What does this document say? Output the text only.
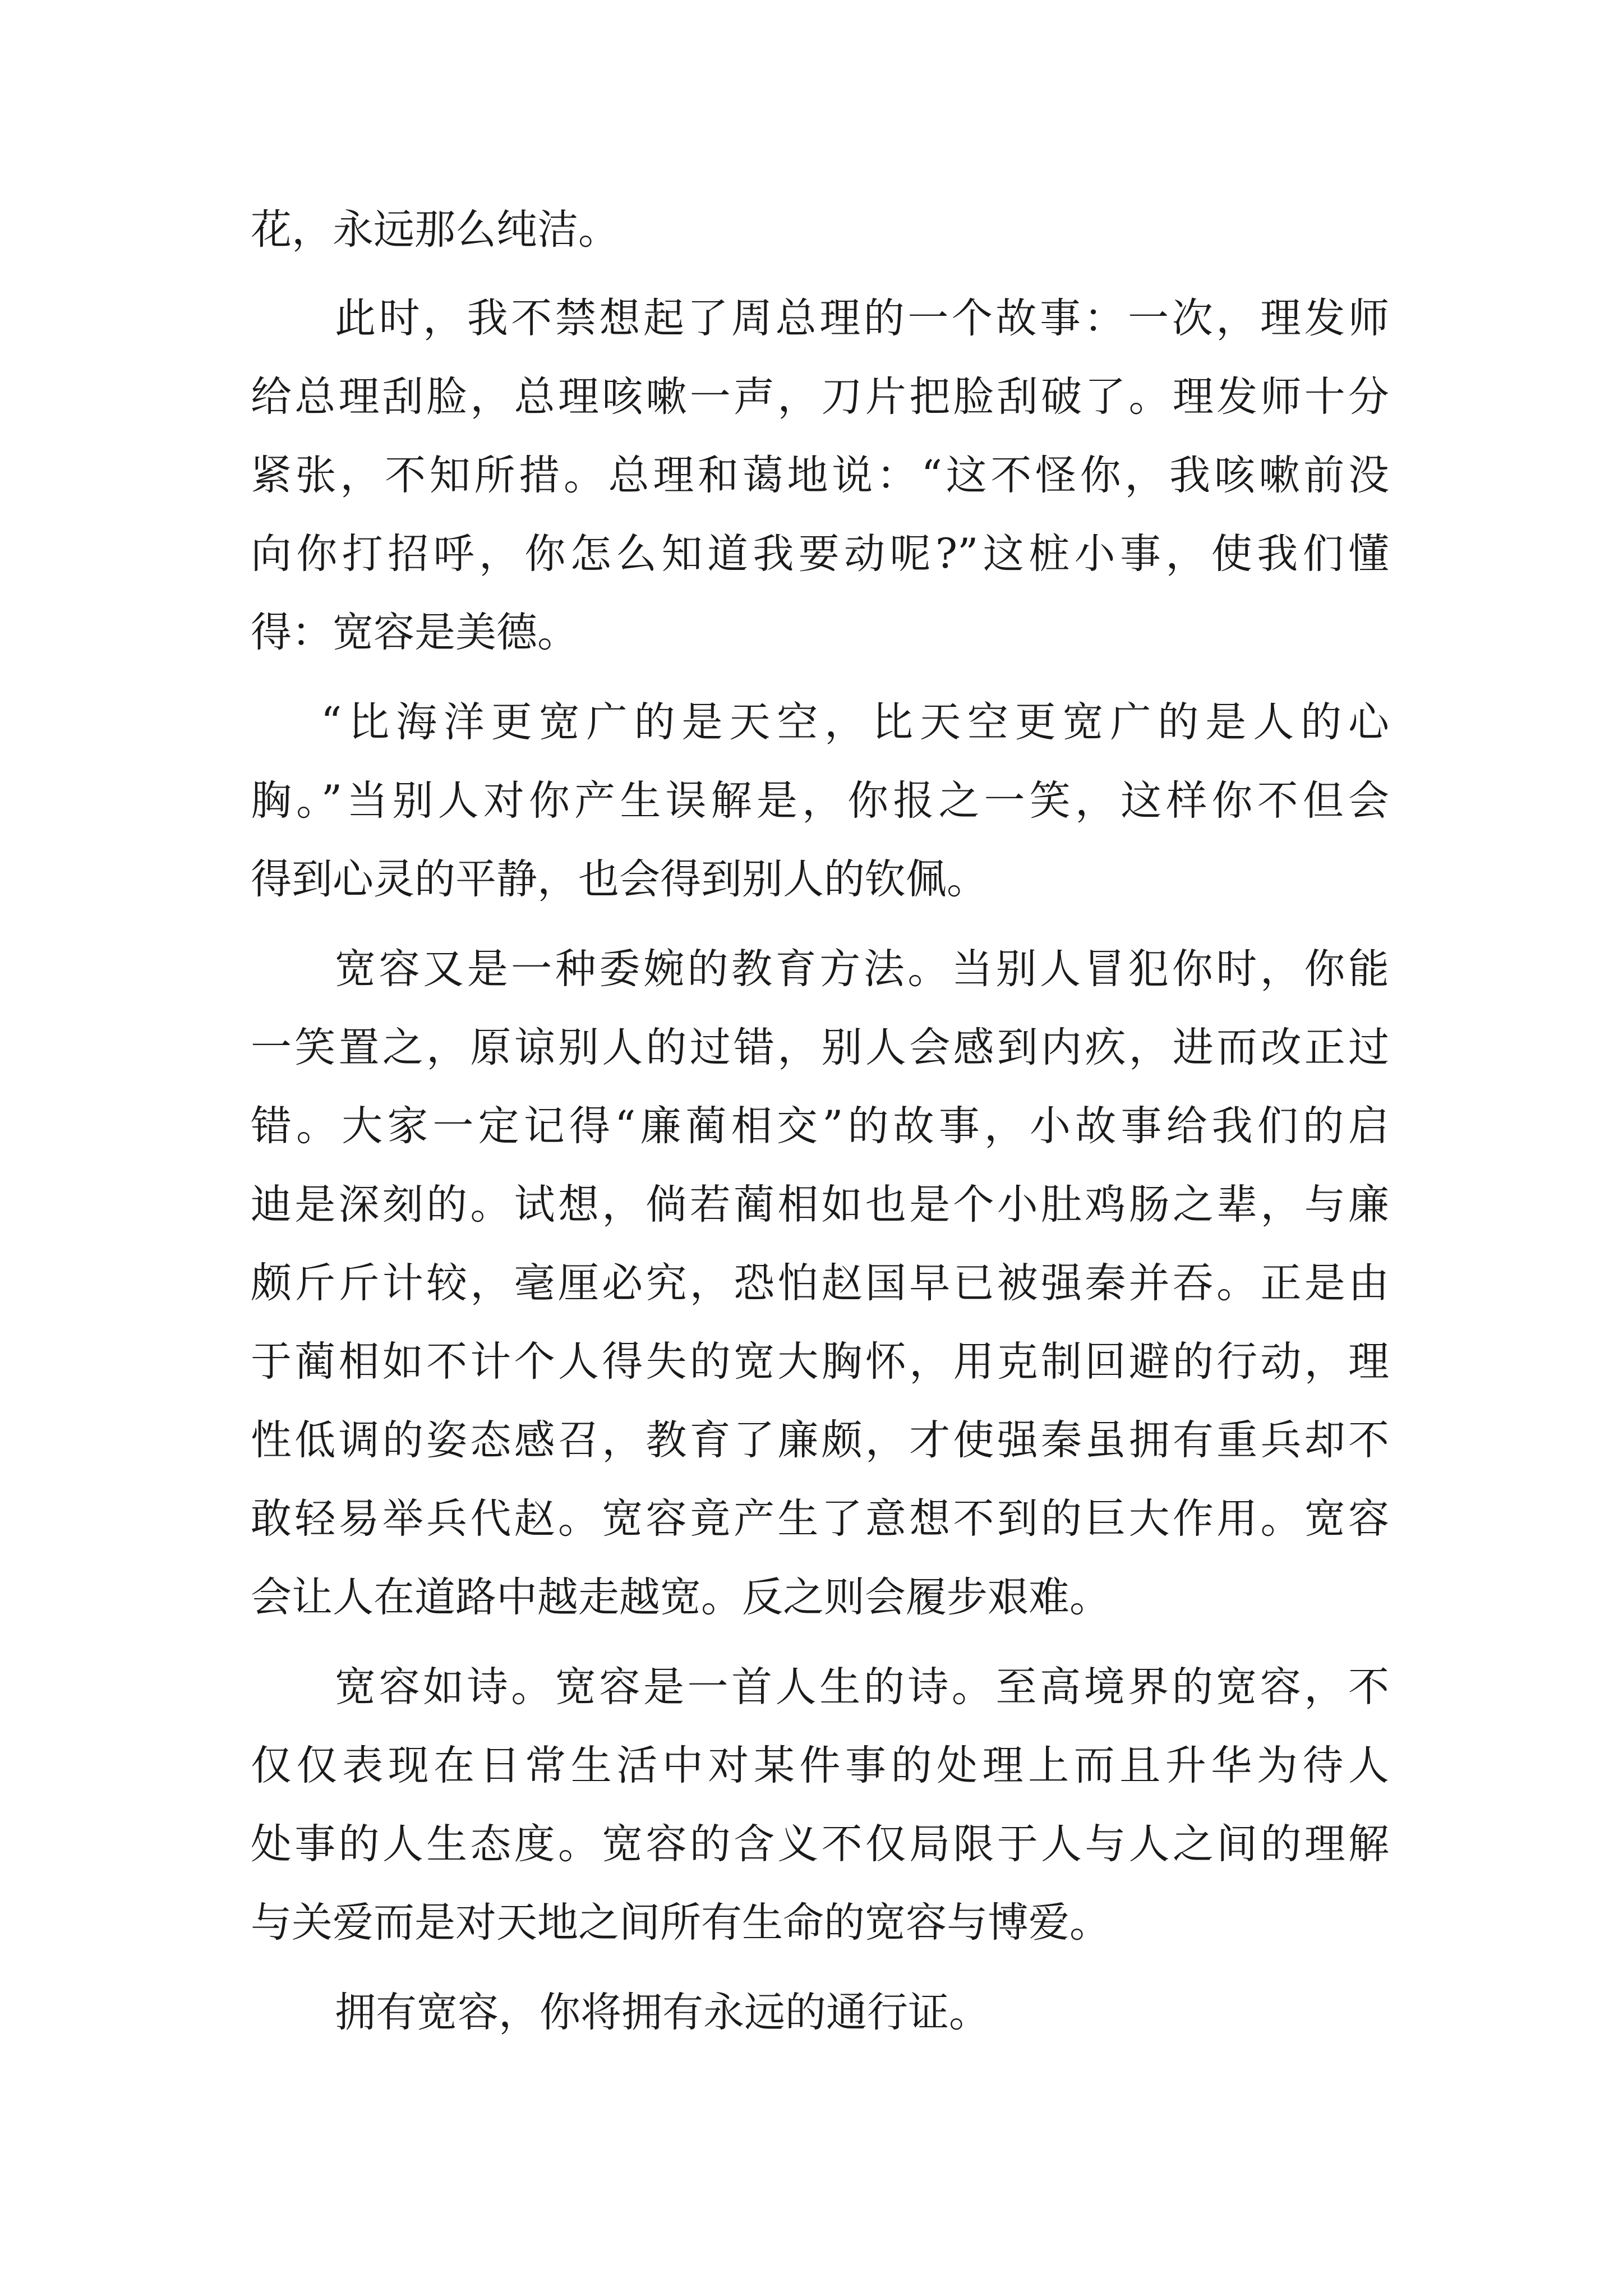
花，永远那么纯洁。
此时，我不禁想起了周总理的一个故事：一次，理发师
给总理刮脸，总理咳嗽一声，刀片把脸刮破了。理发师十分
紧张，不知所措。总理和蔼地说：“这不怪你，我咳嗽前没
向你打招呼，你怎么知道我要动呢?”这桩小事，使我们懂
得：宽容是美德。
“比海洋更宽广的是天空，比天空更宽广的是人的心
胸。”当别人对你产生误解是，你报之一笑，这样你不但会
得到心灵的平静，也会得到别人的钦佩。
宽容又是一种委婉的教育方法。当别人冒犯你时，你能
一笑置之，原谅别人的过错，别人会感到内疚，进而改正过
错。大家一定记得“廉蔺相交”的故事，小故事给我们的启
迪是深刻的。试想，倘若蔺相如也是个小肚鸡肠之辈，与廉
颇斤斤计较，毫厘必究，恐怕赵国早已被强秦并吞。正是由
于蔺相如不计个人得失的宽大胸怀，用克制回避的行动，理
性低调的姿态感召，教育了廉颇，才使强秦虽拥有重兵却不
敢轻易举兵代赵。宽容竟产生了意想不到的巨大作用。宽容
会让人在道路中越走越宽。反之则会履步艰难。
宽容如诗。宽容是一首人生的诗。至高境界的宽容，不
仅仅表现在日常生活中对某件事的处理上而且升华为待人
处事的人生态度。宽容的含义不仅局限于人与人之间的理解
与关爱而是对天地之间所有生命的宽容与博爱。
拥有宽容，你将拥有永远的通行证。
